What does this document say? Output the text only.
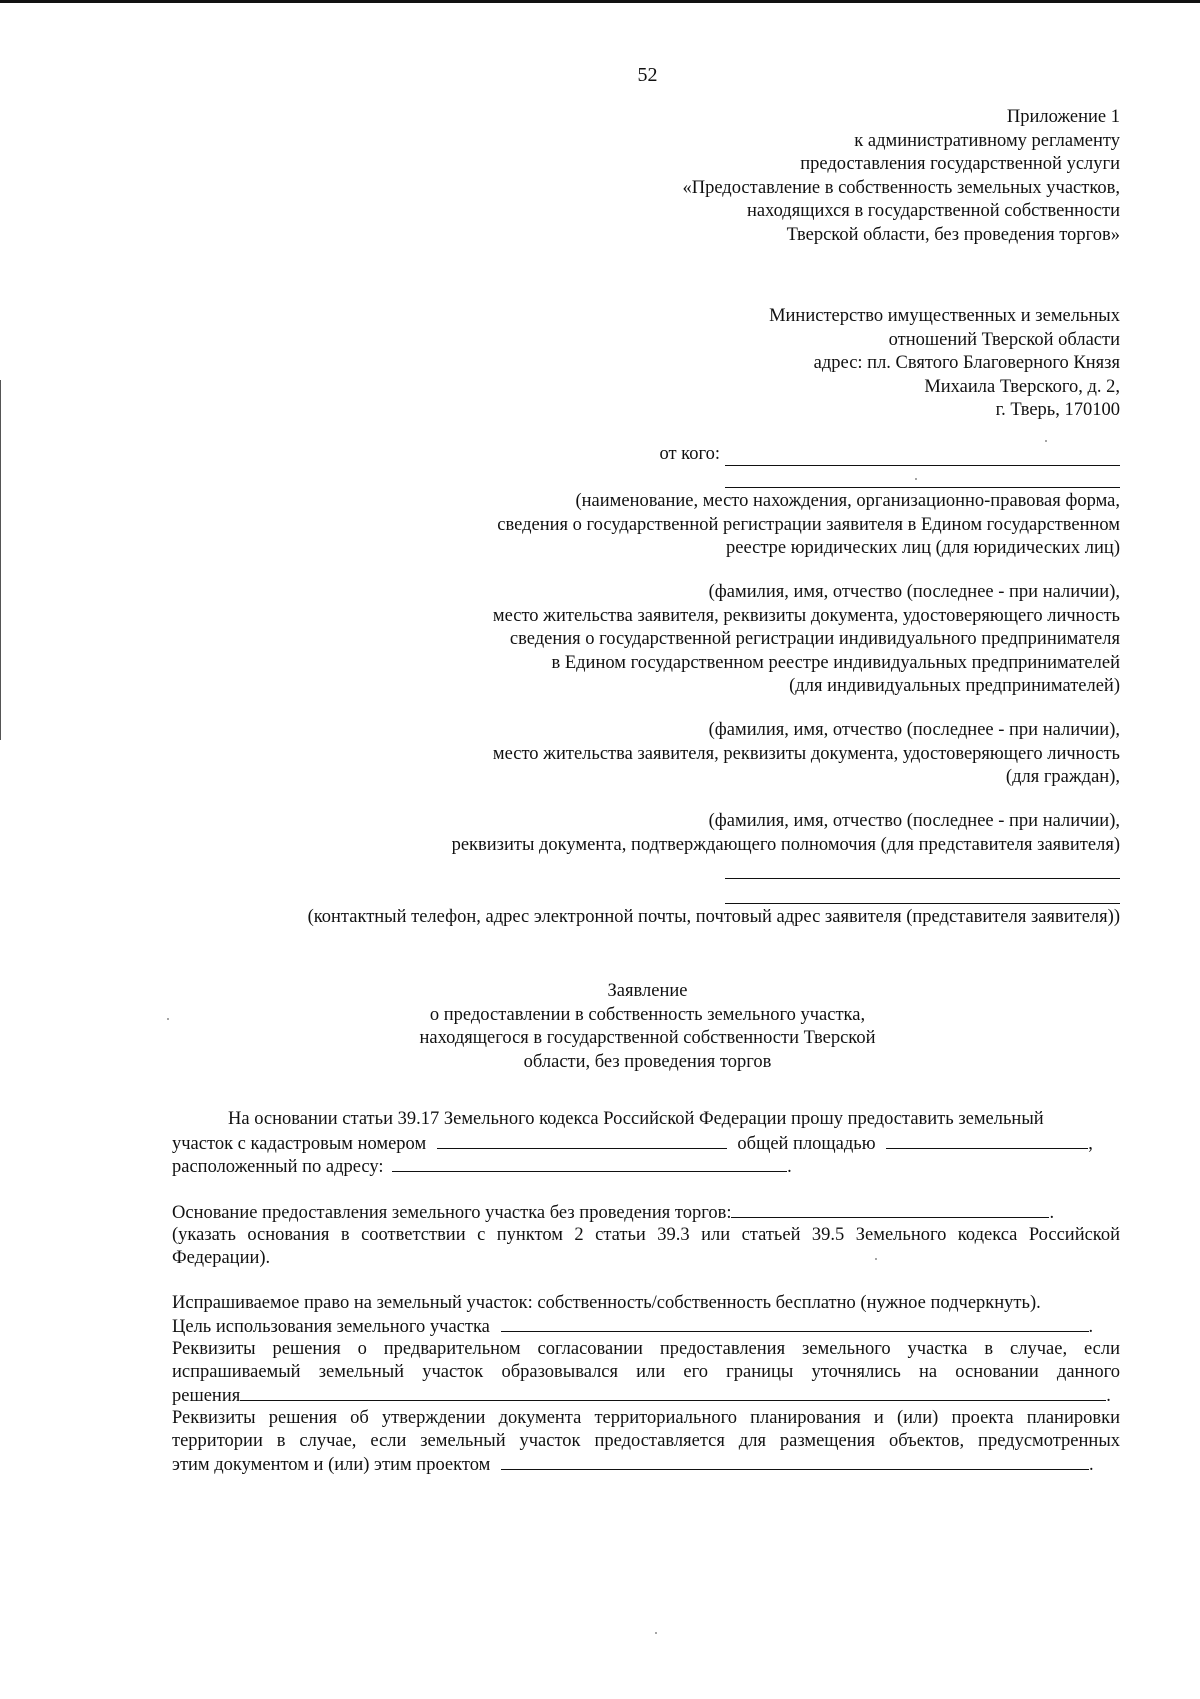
52
Приложение 1
к административному регламенту
предоставления государственной услуги
«Предоставление в собственность земельных участков,
находящихся в государственной собственности
Тверской области, без проведения торгов»
Министерство имущественных и земельных
отношений Тверской области
адрес: пл. Святого Благоверного Князя
Михаила Тверского, д. 2,
г. Тверь, 170100
от кого:
(наименование, место нахождения, организационно-правовая форма,
сведения о государственной регистрации заявителя в Едином государственном
реестре юридических лиц (для юридических лиц)
(фамилия, имя, отчество (последнее - при наличии),
место жительства заявителя, реквизиты документа, удостоверяющего личность
сведения о государственной регистрации индивидуального предпринимателя
в Едином государственном реестре индивидуальных предпринимателей
(для индивидуальных предпринимателей)
(фамилия, имя, отчество (последнее - при наличии),
место жительства заявителя, реквизиты документа, удостоверяющего личность
(для граждан),
(фамилия, имя, отчество (последнее - при наличии),
реквизиты документа, подтверждающего полномочия (для представителя заявителя)
(контактный телефон, адрес электронной почты, почтовый адрес заявителя (представителя заявителя))
Заявление
о предоставлении в собственность земельного участка,
находящегося в государственной собственности Тверской
области, без проведения торгов
На основании статьи 39.17 Земельного кодекса Российской Федерации прошу предоставить земельный
участок с кадастровым номером	общей площадью	,
расположенный по адресу:	.
Основание предоставления земельного участка без проведения торгов:	.
(указать основания в соответствии с пунктом 2 статьи 39.3 или статьей 39.5 Земельного кодекса Российской
Федерации).
Испрашиваемое право на земельный участок: собственность/собственность бесплатно (нужное подчеркнуть).
Цель использования земельного участка	.
Реквизиты решения о предварительном согласовании предоставления земельного участка в случае, если
испрашиваемый земельный участок образовывался или его границы уточнялись на основании данного
решения	.
Реквизиты решения об утверждении документа территориального планирования и (или) проекта планировки
территории в случае, если земельный участок предоставляется для размещения объектов, предусмотренных
этим документом и (или) этим проектом	.
